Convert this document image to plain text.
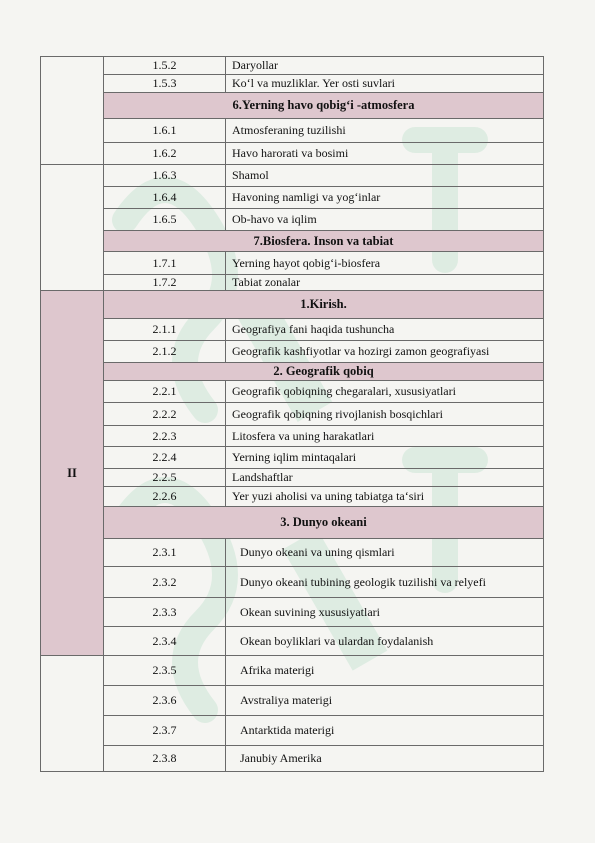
	1.5.2	Daryollar
	1.5.3	Ko‘l va muzliklar. Yer osti suvlari
	6.Yerning havo qobig‘i -atmosfera	
	1.6.1	Atmosferaning tuzilishi
	1.6.2	Havo harorati va bosimi
	1.6.3	Shamol
	1.6.4	Havoning namligi va yog‘inlar
	1.6.5	Ob-havo va iqlim
	7.Biosfera. Inson va tabiat	
	1.7.1	Yerning hayot qobig‘i-biosfera
	1.7.2	Tabiat zonalar
II	1.Kirish.	
	2.1.1	Geografiya fani haqida tushuncha
	2.1.2	Geografik kashfiyotlar va hozirgi zamon geografiyasi
	2. Geografik qobiq	
	2.2.1	Geografik qobiqning chegaralari, xususiyatlari
	2.2.2	Geografik qobiqning rivojlanish bosqichlari
	2.2.3	Litosfera va uning harakatlari
	2.2.4	Yerning iqlim mintaqalari
	2.2.5	Landshaftlar
	2.2.6	Yer yuzi aholisi va uning tabiatga ta‘siri
	3. Dunyo okeani	
	2.3.1	Dunyo okeani va uning qismlari
	2.3.2	Dunyo okeani tubining geologik tuzilishi va relyefi
	2.3.3	Okean suvining xususiyatlari
	2.3.4	Okean boyliklari va ulardan foydalanish
	2.3.5	Afrika materigi
	2.3.6	Avstraliya materigi
	2.3.7	Antarktida materigi
	2.3.8	Janubiy Amerika
